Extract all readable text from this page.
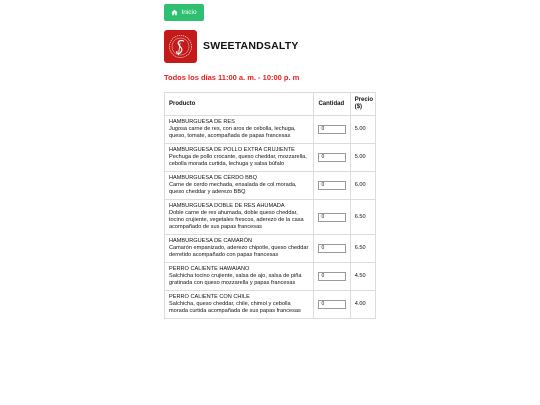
Inicio
SWEETANDSALTY
Todos los días 11:00 a. m. - 10:00 p. m
Producto	Cantidad	Precio ($)

HAMBURGUESA DE RES
Jugosa carne de res, con aros de cebolla, lechuga, queso, tomate, acompañada de papas francesas
	0	5.00

HAMBURGUESA DE POLLO EXTRA CRUJIENTE
Pechuga de pollo crocante, queso cheddar, mozzarella, cebolla morada curtida, lechuga y salsa búfalo
	0	5.00

HAMBURGUESA DE CERDO BBQ
Carne de cerdo mechada, ensalada de col morada, queso cheddar y aderezo BBQ
	0	6.00

HAMBURGUESA DOBLE DE RES AHUMADA
Doble carne de res ahumada, doble queso cheddar, tocino crujiente, vegetales frescos, aderezo de la casa acompañado de sus papas francesas
	0	6.50

HAMBURGUESA DE CAMARÓN
Camarón empanizado, aderezo chipotle, queso cheddar derretido acompañado con papas francesas
	0	6.50

PERRO CALIENTE HAWAIANO
Salchicha tocino crujiente, salsa de ajo, salsa de piña gratinada con queso mozzarella y papas francesas
	0	4.50

PERRO CALIENTE CON CHILE
Salchicha, queso cheddar, chile, chimol y cebolla morada curtida acompañada de sus papas francesas
	0	4.00
